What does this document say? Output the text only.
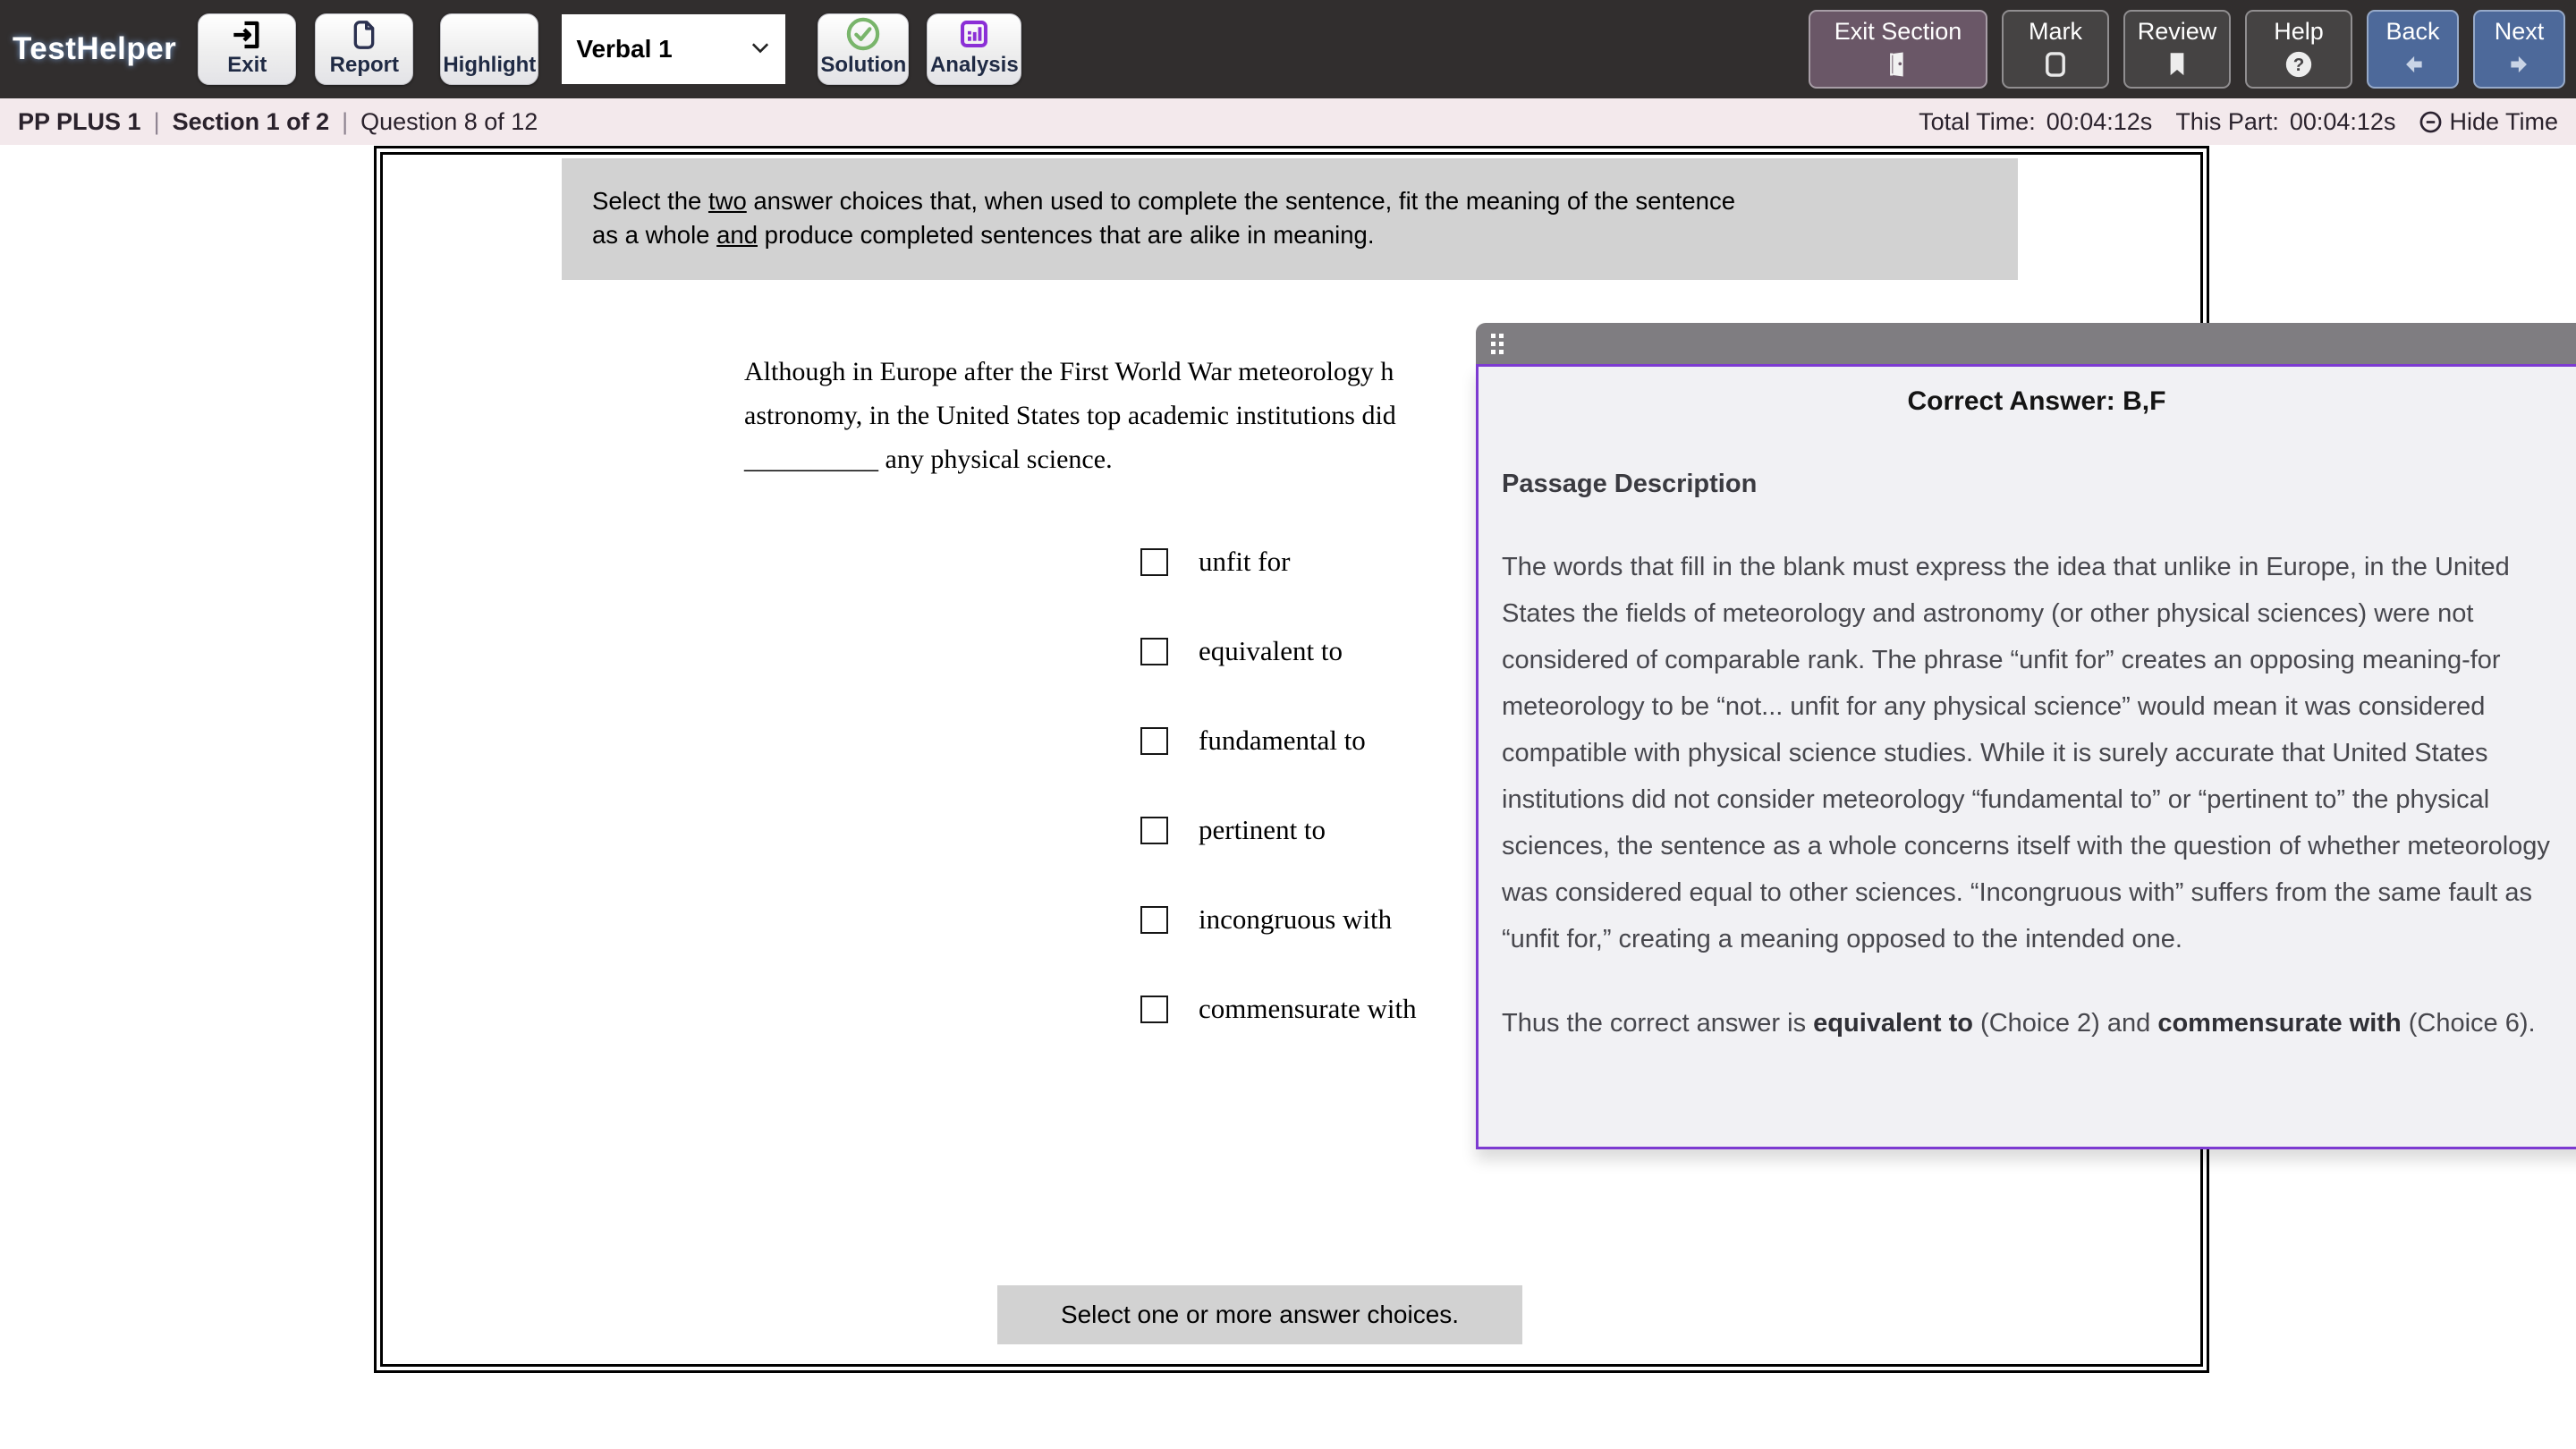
TestHelper Exit	Report Highlight
Verbal 1
Solution Analysis
Exit Section	Mark Review Help
?
Back Next
PP PLUS 1 | Section 1 of 2 | Question 8 of 12	Total Time: 00:04:12s This Part: 00:04:12s Hide Time
Select the two answer choices that, when used to complete the sentence, fit the meaning of the sentence
as a whole and produce completed sentences that are alike in meaning.
Although in Europe after the First World War meteorology h
astronomy, in the United States top academic institutions did
__________ any physical science.
unfit for
equivalent to
fundamental to
pertinent to
incongruous with
commensurate with
Select one or more answer choices.
Correct Answer: B,F
Passage Description
The words that fill in the blank must express the idea that unlike in Europe, in the United States the fields of meteorology and astronomy (or other physical sciences) were not considered of comparable rank. The phrase “unfit for” creates an opposing meaning-for meteorology to be “not... unfit for any physical science” would mean it was considered compatible with physical science studies. While it is surely accurate that United States institutions did not consider meteorology “fundamental to” or “pertinent to” the physical sciences, the sentence as a whole concerns itself with the question of whether meteorology was considered equal to other sciences. “Incongruous with” suffers from the same fault as “unfit for,” creating a meaning opposed to the intended one.
Thus the correct answer is equivalent to (Choice 2) and commensurate with (Choice 6).
